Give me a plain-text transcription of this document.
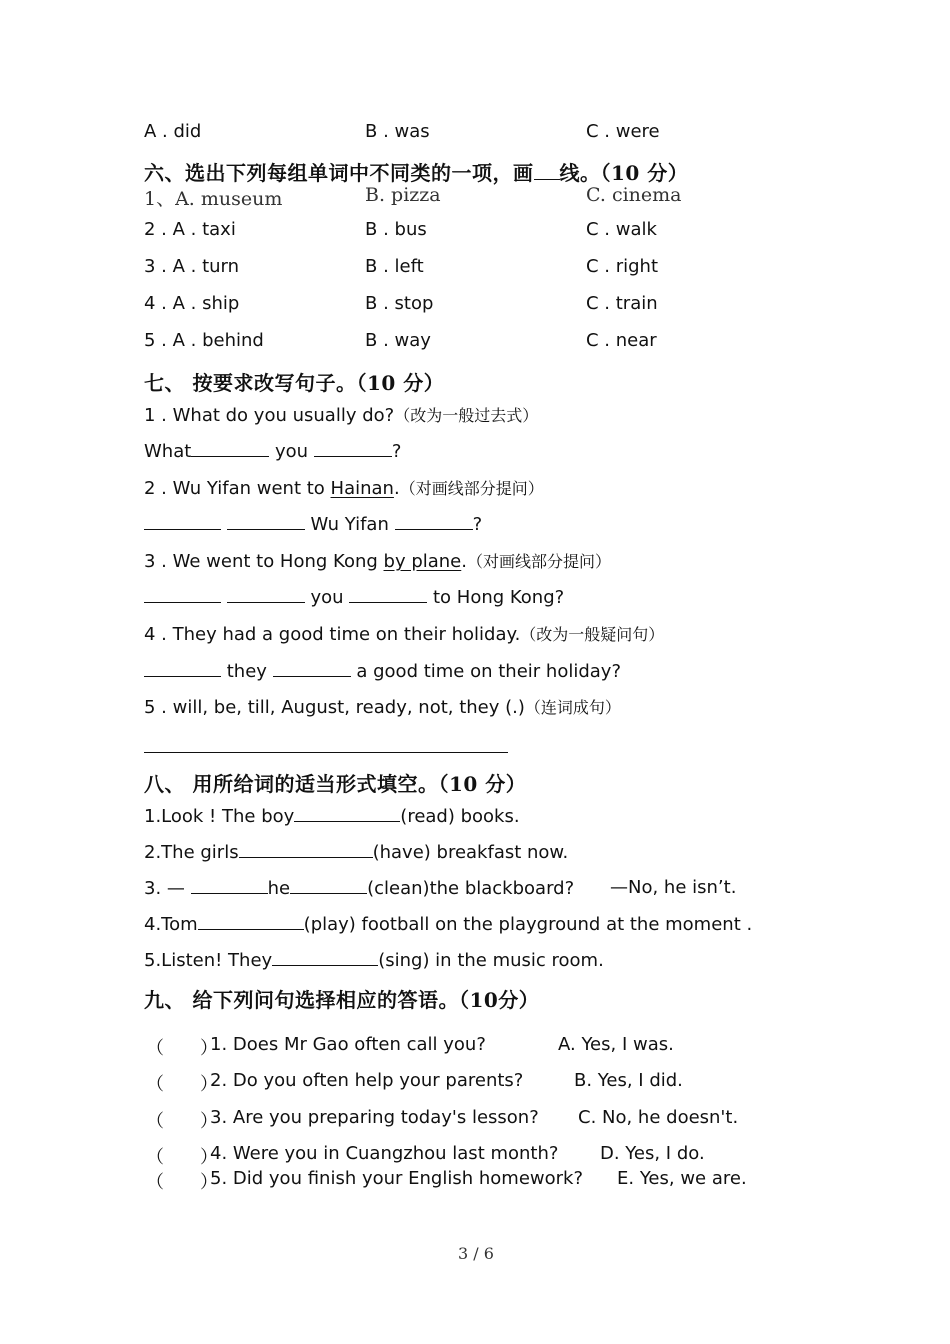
A . did	B . was	C . were
六、选出下列每组单词中不同类的一项，画 线。（10 分）
1、A. museum	B. pizza	C. cinema
2 . A . taxi	B . bus	C . walk
3 . A . turn	B . left	C . right
4 . A . ship	B . stop	C . train
5 . A . behind	B . way	C . near
七、 按要求改写句子。（10 分）
1 . What do you usually do?（改为一般过去式）
What	you	?
2 . Wu Yifan went to Hainan.（对画线部分提问）
Wu Yifan	?
3 . We went to Hong Kong by plane.（对画线部分提问）
you	to Hong Kong?
4 . They had a good time on their holiday.（改为一般疑问句）
they	a good time on their holiday?
5 . will, be, till, August, ready, not, they (.)（连词成句）
八、 用所给词的适当形式填空。（10 分）
1.Look ! The boy	(read) books.
2.The girls	(have) breakfast now.
3. —	he	(clean)the blackboard? —No, he isn’t.
4.Tom	(play) football on the playground at the moment .
5.Listen! They	(sing) in the music room.
九、 给下列问句选择相应的答语。（10分）
（　　）
1. Does Mr Gao often call you?	A. Yes, I was.
（　　）
2. Do you often help your parents?	B. Yes, I did.
（　　）
3. Are you preparing today's lesson? C. No, he doesn't.
（　　）
4. Were you in Cuangzhou last month? D. Yes, I do.
（　　）
5. Did you finish your English homework? E. Yes, we are.
3 / 6
